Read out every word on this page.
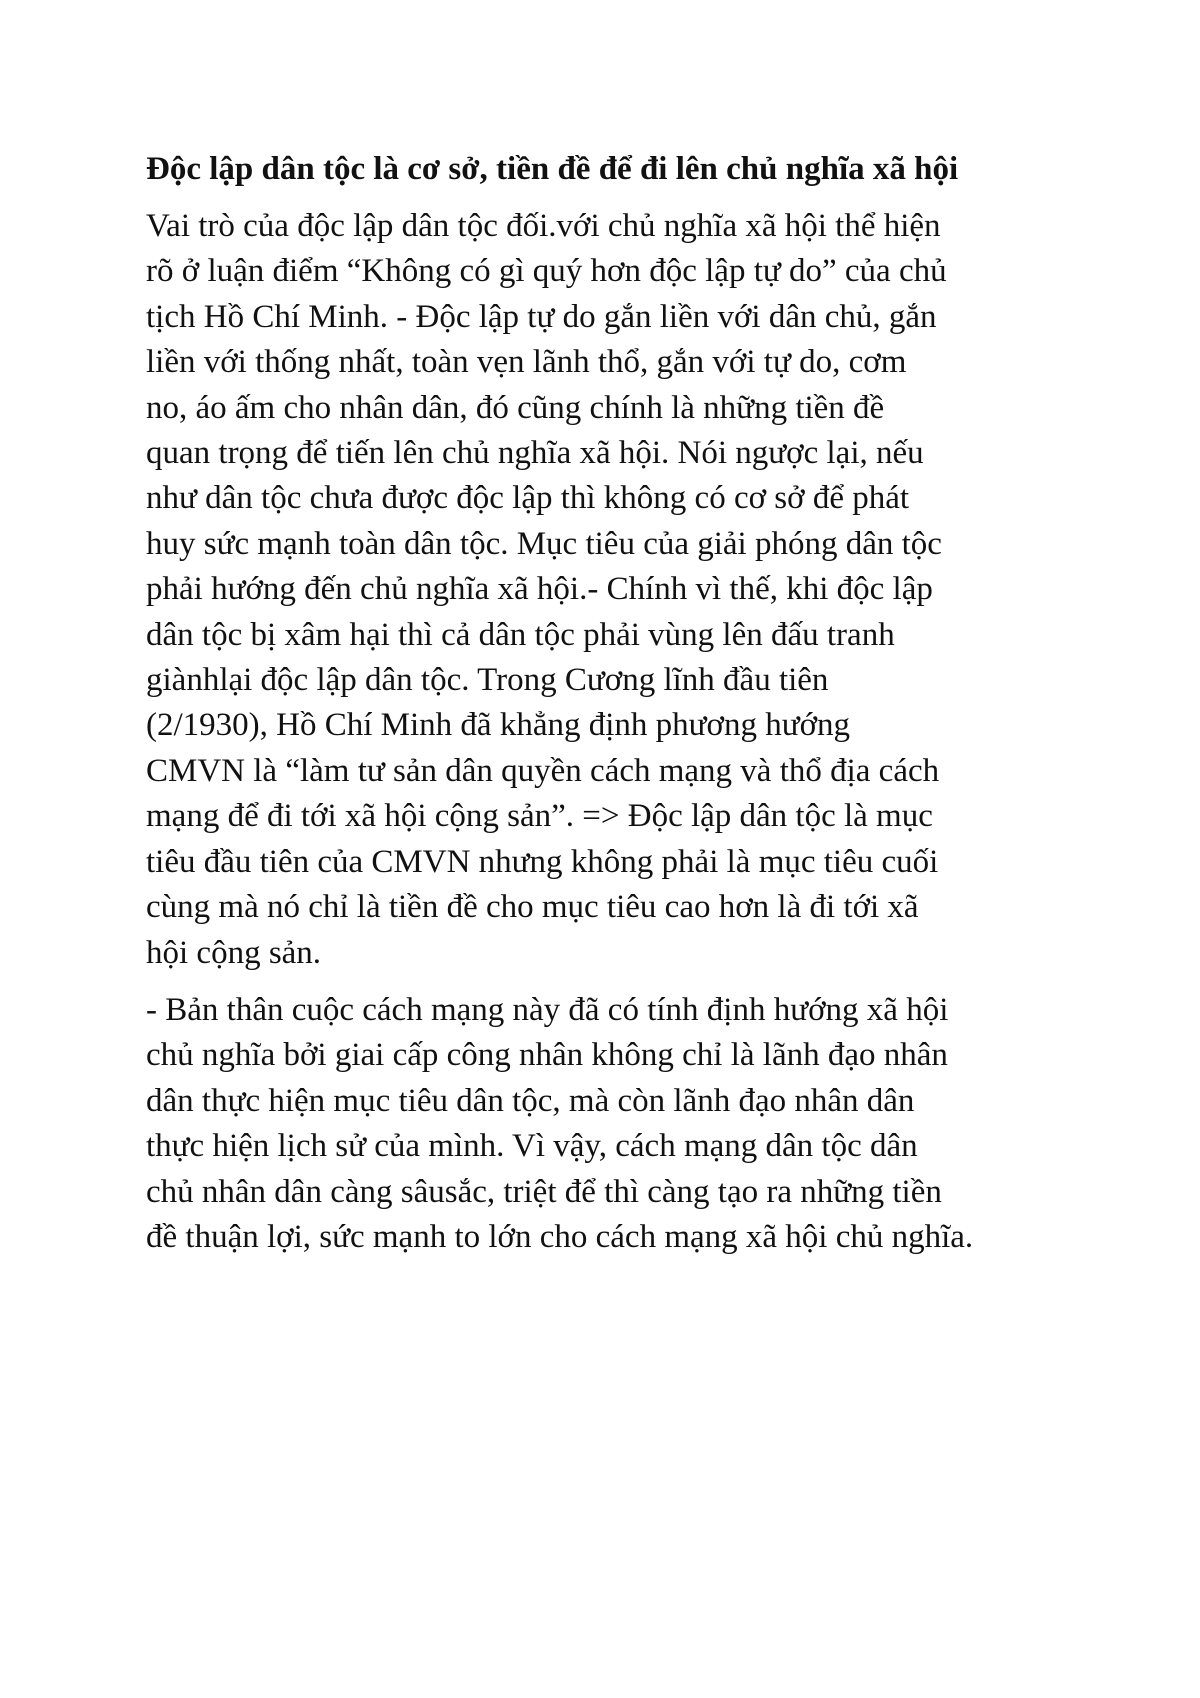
Độc lập dân tộc là cơ sở, tiền đề để đi lên chủ nghĩa xã hội

Vai trò của độc lập dân tộc đối.với chủ nghĩa xã hội thể hiện
rõ ở luận điểm “Không có gì quý hơn độc lập tự do” của chủ
tịch Hồ Chí Minh. - Độc lập tự do gắn liền với dân chủ, gắn
liền với thống nhất, toàn vẹn lãnh thổ, gắn với tự do, cơm
no, áo ấm cho nhân dân, đó cũng chính là những tiền đề
quan trọng để tiến lên chủ nghĩa xã hội. Nói ngược lại, nếu
như dân tộc chưa được độc lập thì không có cơ sở để phát
huy sức mạnh toàn dân tộc. Mục tiêu của giải phóng dân tộc
phải hướng đến chủ nghĩa xã hội.- Chính vì thế, khi độc lập
dân tộc bị xâm hại thì cả dân tộc phải vùng lên đấu tranh
giànhlại độc lập dân tộc. Trong Cương lĩnh đầu tiên
(2/1930), Hồ Chí Minh đã khẳng định phương hướng
CMVN là “làm tư sản dân quyền cách mạng và thổ địa cách
mạng để đi tới xã hội cộng sản”. => Độc lập dân tộc là mục
tiêu đầu tiên của CMVN nhưng không phải là mục tiêu cuối
cùng mà nó chỉ là tiền đề cho mục tiêu cao hơn là đi tới xã
hội cộng sản.

- Bản thân cuộc cách mạng này đã có tính định hướng xã hội
chủ nghĩa bởi giai cấp công nhân không chỉ là lãnh đạo nhân
dân thực hiện mục tiêu dân tộc, mà còn lãnh đạo nhân dân
thực hiện lịch sử của mình. Vì vậy, cách mạng dân tộc dân
chủ nhân dân càng sâusắc, triệt để thì càng tạo ra những tiền
đề thuận lợi, sức mạnh to lớn cho cách mạng xã hội chủ nghĩa.
